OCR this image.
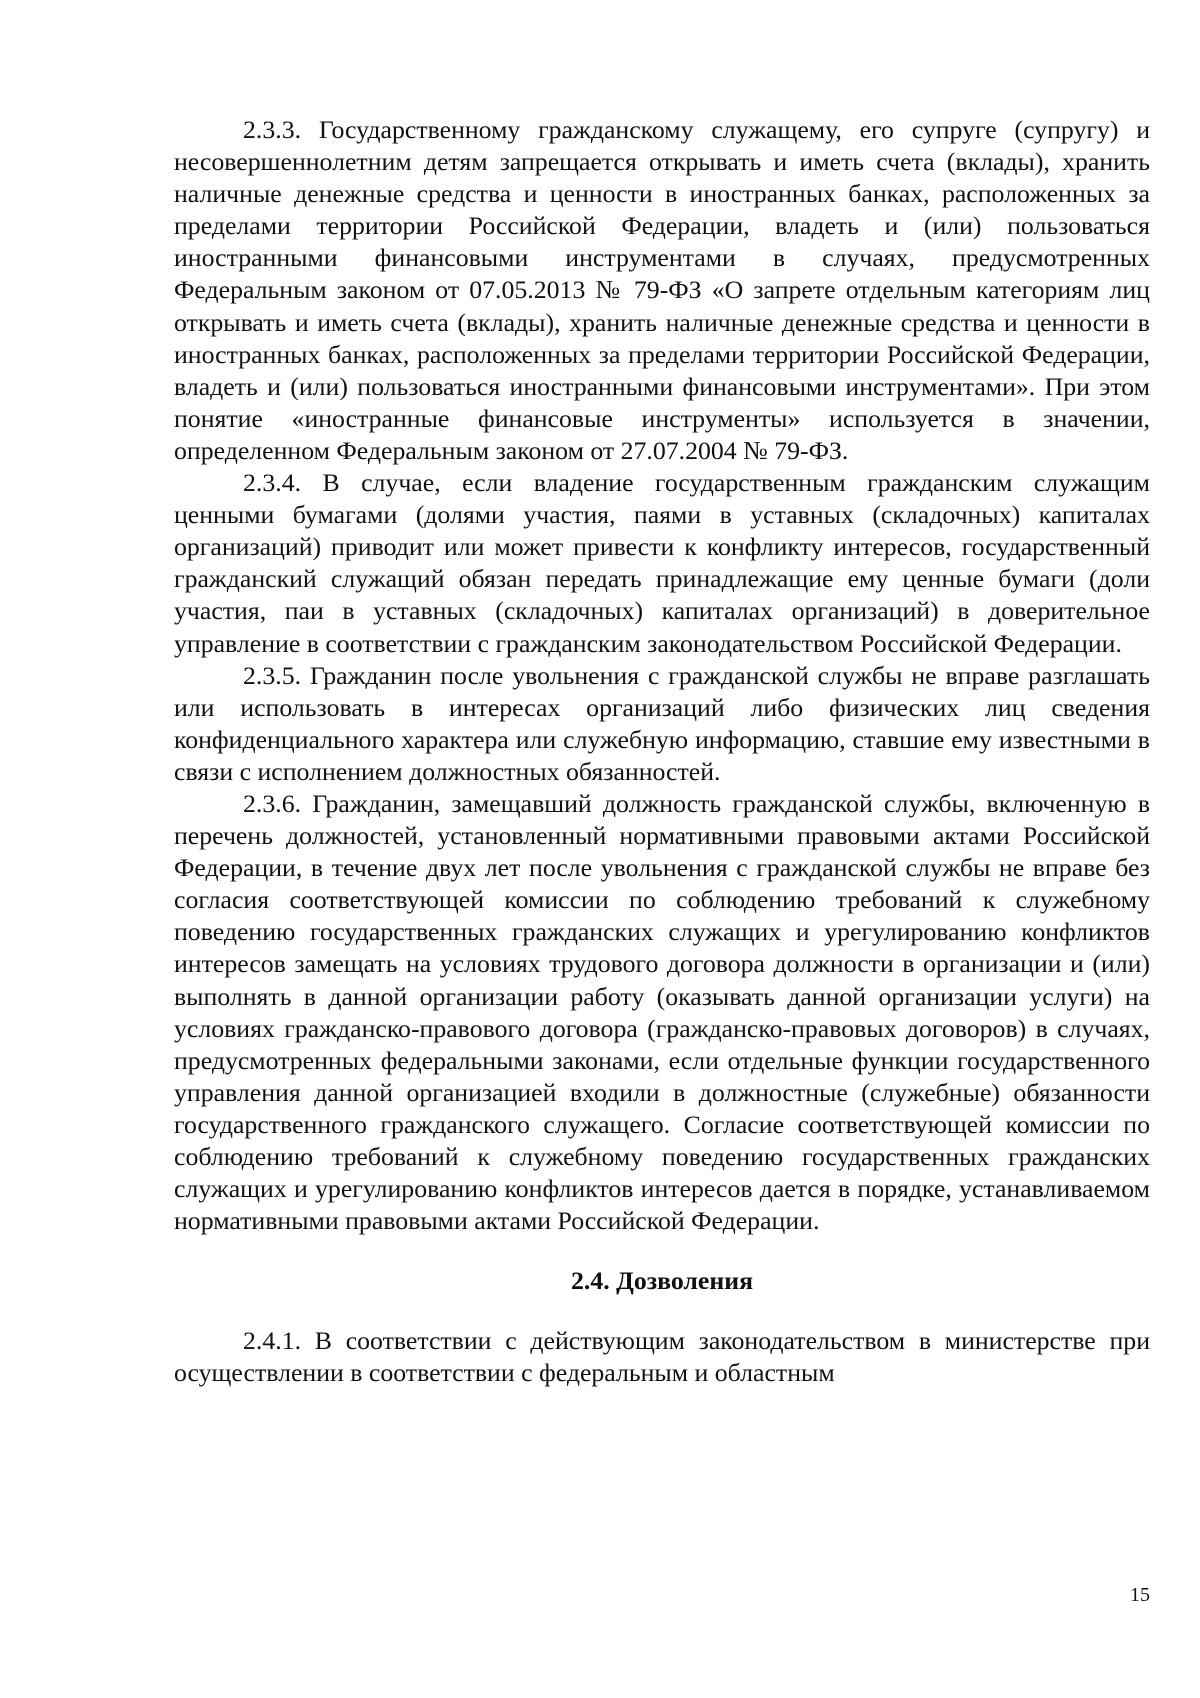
2.3.3. Государственному гражданскому служащему, его супруге (супругу) и несовершеннолетним детям запрещается открывать и иметь счета (вклады), хранить наличные денежные средства и ценности в иностранных банках, расположенных за пределами территории Российской Федерации, владеть и (или) пользоваться иностранными финансовыми инструментами в случаях, предусмотренных Федеральным законом от 07.05.2013 № 79-ФЗ «О запрете отдельным категориям лиц открывать и иметь счета (вклады), хранить наличные денежные средства и ценности в иностранных банках, расположенных за пределами территории Российской Федерации, владеть и (или) пользоваться иностранными финансовыми инструментами». При этом понятие «иностранные финансовые инструменты» используется в значении, определенном Федеральным законом от 27.07.2004 № 79-ФЗ.

2.3.4. В случае, если владение государственным гражданским служащим ценными бумагами (долями участия, паями в уставных (складочных) капиталах организаций) приводит или может привести к конфликту интересов, государственный гражданский служащий обязан передать принадлежащие ему ценные бумаги (доли участия, паи в уставных (складочных) капиталах организаций) в доверительное управление в соответствии с гражданским законодательством Российской Федерации.

2.3.5. Гражданин после увольнения с гражданской службы не вправе разглашать или использовать в интересах организаций либо физических лиц сведения конфиденциального характера или служебную информацию, ставшие ему известными в связи с исполнением должностных обязанностей.

2.3.6. Гражданин, замещавший должность гражданской службы, включенную в перечень должностей, установленный нормативными правовыми актами Российской Федерации, в течение двух лет после увольнения с гражданской службы не вправе без согласия соответствующей комиссии по соблюдению требований к служебному поведению государственных гражданских служащих и урегулированию конфликтов интересов замещать на условиях трудового договора должности в организации и (или) выполнять в данной организации работу (оказывать данной организации услуги) на условиях гражданско-правового договора (гражданско-правовых договоров) в случаях, предусмотренных федеральными законами, если отдельные функции государственного управления данной организацией входили в должностные (служебные) обязанности государственного гражданского служащего. Согласие соответствующей комиссии по соблюдению требований к служебному поведению государственных гражданских служащих и урегулированию конфликтов интересов дается в порядке, устанавливаемом нормативными правовыми актами Российской Федерации.

2.4. Дозволения

2.4.1. В соответствии с действующим законодательством в министерстве при осуществлении в соответствии с федеральным и областным

15
